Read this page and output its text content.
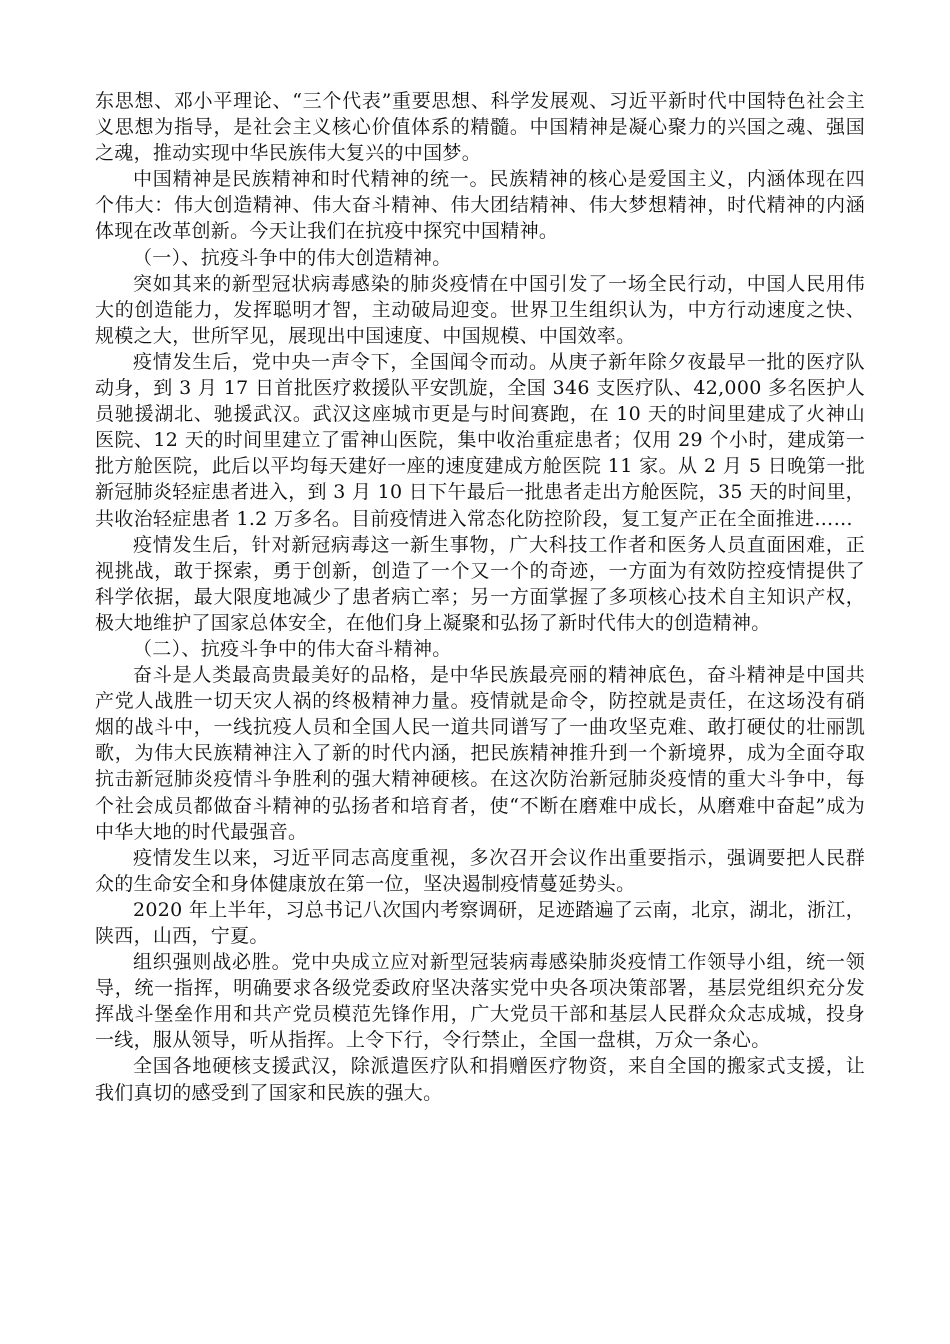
东思想、邓小平理论、“三个代表”重要思想、科学发展观、习近平新时代中国特色社会主义思想为指导，是社会主义核心价值体系的精髓。中国精神是凝心聚力的兴国之魂、强国之魂，推动实现中华民族伟大复兴的中国梦。

中国精神是民族精神和时代精神的统一。民族精神的核心是爱国主义，内涵体现在四个伟大：伟大创造精神、伟大奋斗精神、伟大团结精神、伟大梦想精神，时代精神的内涵体现在改革创新。今天让我们在抗疫中探究中国精神。

（一）、抗疫斗争中的伟大创造精神。

突如其来的新型冠状病毒感染的肺炎疫情在中国引发了一场全民行动，中国人民用伟大的创造能力，发挥聪明才智，主动破局迎变。世界卫生组织认为，中方行动速度之快、规模之大，世所罕见，展现出中国速度、中国规模、中国效率。

疫情发生后，党中央一声令下，全国闻令而动。从庚子新年除夕夜最早一批的医疗队动身，到 3 月 17 日首批医疗救援队平安凯旋，全国 346 支医疗队、42,000 多名医护人员驰援湖北、驰援武汉。武汉这座城市更是与时间赛跑，在 10 天的时间里建成了火神山医院、12 天的时间里建立了雷神山医院，集中收治重症患者；仅用 29 个小时，建成第一批方舱医院，此后以平均每天建好一座的速度建成方舱医院 11 家。从 2 月 5 日晚第一批新冠肺炎轻症患者进入，到 3 月 10 日下午最后一批患者走出方舱医院，35 天的时间里，共收治轻症患者 1.2 万多名。目前疫情进入常态化防控阶段，复工复产正在全面推进……

疫情发生后，针对新冠病毒这一新生事物，广大科技工作者和医务人员直面困难，正视挑战，敢于探索，勇于创新，创造了一个又一个的奇迹，一方面为有效防控疫情提供了科学依据，最大限度地减少了患者病亡率；另一方面掌握了多项核心技术自主知识产权，极大地维护了国家总体安全，在他们身上凝聚和弘扬了新时代伟大的创造精神。

（二）、抗疫斗争中的伟大奋斗精神。

奋斗是人类最高贵最美好的品格，是中华民族最亮丽的精神底色，奋斗精神是中国共产党人战胜一切天灾人祸的终极精神力量。疫情就是命令，防控就是责任，在这场没有硝烟的战斗中，一线抗疫人员和全国人民一道共同谱写了一曲攻坚克难、敢打硬仗的壮丽凯歌，为伟大民族精神注入了新的时代内涵，把民族精神推升到一个新境界，成为全面夺取抗击新冠肺炎疫情斗争胜利的强大精神硬核。在这次防治新冠肺炎疫情的重大斗争中，每个社会成员都做奋斗精神的弘扬者和培育者，使“不断在磨难中成长，从磨难中奋起”成为中华大地的时代最强音。

疫情发生以来，习近平同志高度重视，多次召开会议作出重要指示，强调要把人民群众的生命安全和身体健康放在第一位，坚决遏制疫情蔓延势头。

2020 年上半年，习总书记八次国内考察调研，足迹踏遍了云南，北京，湖北，浙江，陕西，山西，宁夏。

组织强则战必胜。党中央成立应对新型冠装病毒感染肺炎疫情工作领导小组，统一领导，统一指挥，明确要求各级党委政府坚决落实党中央各项决策部署，基层党组织充分发挥战斗堡垒作用和共产党员模范先锋作用，广大党员干部和基层人民群众众志成城，投身一线，服从领导，听从指挥。上令下行，令行禁止，全国一盘棋，万众一条心。

全国各地硬核支援武汉，除派遣医疗队和捐赠医疗物资，来自全国的搬家式支援，让我们真切的感受到了国家和民族的强大。
